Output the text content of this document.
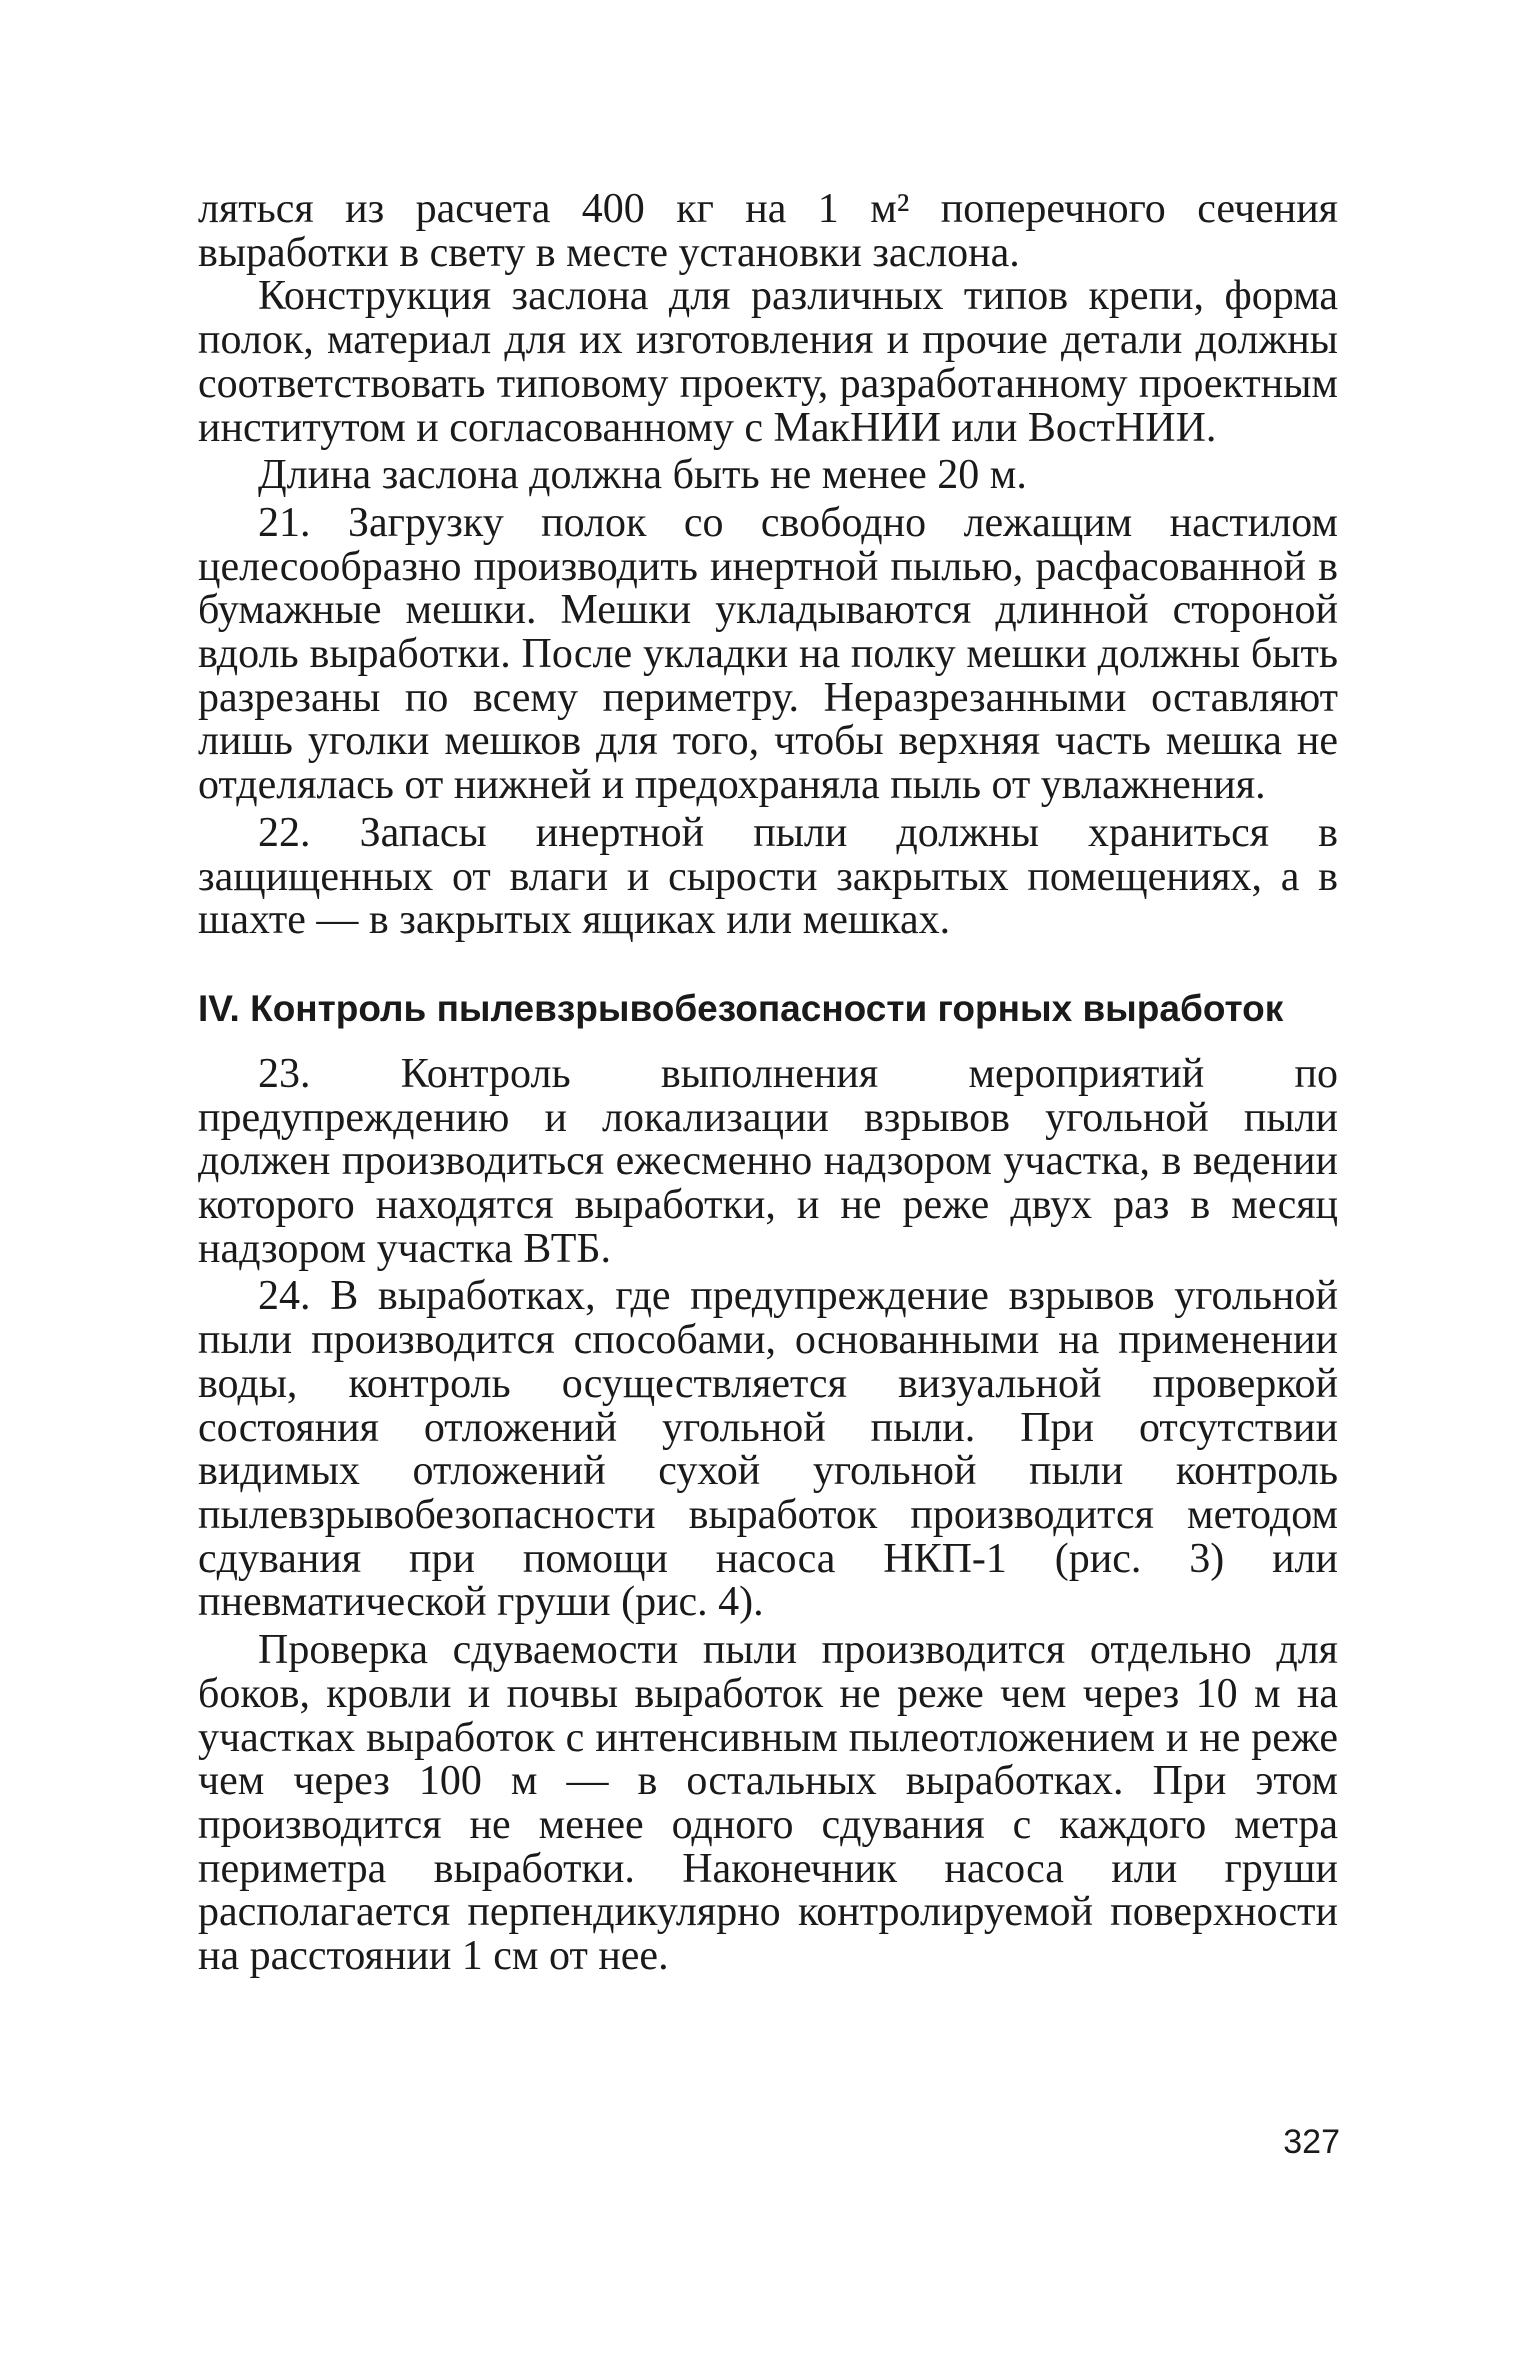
ляться из расчета 400 кг на 1 м² поперечного сечения выработки в свету в месте установки заслона.

Конструкция заслона для различных типов крепи, форма полок, материал для их изготовления и прочие детали должны соответствовать типовому проекту, разработанному проектным институтом и согласованному с МакНИИ или ВостНИИ.

Длина заслона должна быть не менее 20 м.

21. Загрузку полок со свободно лежащим настилом целесообразно производить инертной пылью, расфасованной в бумажные мешки. Мешки укладываются длинной стороной вдоль выработки. После укладки на полку мешки должны быть разрезаны по всему периметру. Неразрезанными оставляют лишь уголки мешков для того, чтобы верхняя часть мешка не отделялась от нижней и предохраняла пыль от увлажнения.

22. Запасы инертной пыли должны храниться в защищенных от влаги и сырости закрытых помещениях, а в шахте — в закрытых ящиках или мешках.

IV. Контроль пылевзрывобезопасности горных выработок

23. Контроль выполнения мероприятий по предупреждению и локализации взрывов угольной пыли должен производиться ежесменно надзором участка, в ведении которого находятся выработки, и не реже двух раз в месяц надзором участка ВТБ.

24. В выработках, где предупреждение взрывов угольной пыли производится способами, основанными на применении воды, контроль осуществляется визуальной проверкой состояния отложений угольной пыли. При отсутствии видимых отложений сухой угольной пыли контроль пылевзрывобезопасности выработок производится методом сдувания при помощи насоса НКП-1 (рис. 3) или пневматической груши (рис. 4).

Проверка сдуваемости пыли производится отдельно для боков, кровли и почвы выработок не реже чем через 10 м на участках выработок с интенсивным пылеотложением и не реже чем через 100 м — в остальных выработках. При этом производится не менее одного сдувания с каждого метра периметра выработки. Наконечник насоса или груши располагается перпендикулярно контролируемой поверхности на расстоянии 1 см от нее.

327
